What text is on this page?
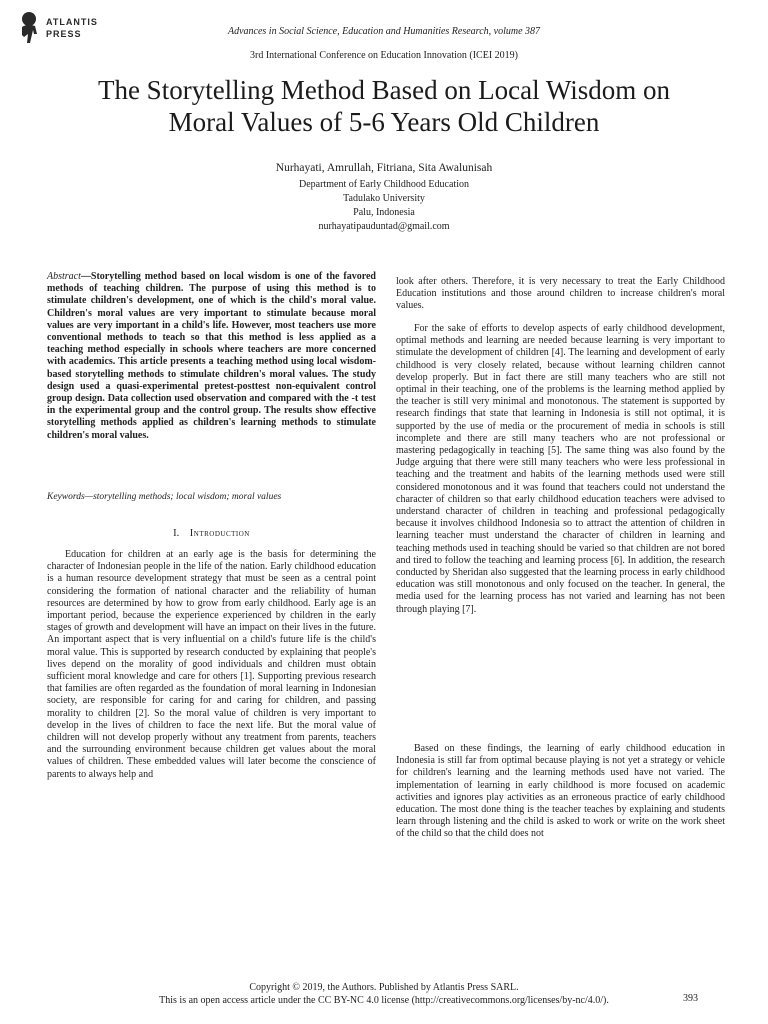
ATLANTIS
PRESS	Advances in Social Science, Education and Humanities Research, volume 387
3rd International Conference on Education Innovation (ICEI 2019)
The Storytelling Method Based on Local Wisdom on
Moral Values of 5-6 Years Old Children
Nurhayati, Amrullah, Fitriana, Sita Awalunisah
Department of Early Childhood Education
Tadulako University
Palu, Indonesia
nurhayatipauduntad@gmail.com

Abstract—Storytelling method based on local wisdom is one of the favored methods of teaching children. The purpose of using this method is to stimulate children's development, one of which is the child's moral value. Children's moral values are very important to stimulate because moral values are very important in a child's life. However, most teachers use more conventional methods to teach so that this method is less applied as a teaching method especially in schools where teachers are more concerned with academics. This article presents a teaching method using local wisdom-based storytelling methods to stimulate children's moral values. The study design used a quasi-experimental pretest-posttest non-equivalent control group design. Data collection used observation and compared with the -t test in the experimental group and the control group. The results show effective storytelling methods applied as children's learning methods to stimulate children's moral values.

Keywords—storytelling methods; local wisdom; moral values
I. Introduction

Education for children at an early age is the basis for determining the character of Indonesian people in the life of the nation. Early childhood education is a human resource development strategy that must be seen as a central point considering the formation of national character and the reliability of human resources are determined by how to grow from early childhood. Early age is an important period, because the experience experienced by children in the early stages of growth and development will have an impact on their lives in the future. An important aspect that is very influential on a child's future life is the child's moral value. This is supported by research conducted by explaining that people's lives depend on the morality of good individuals and children must obtain sufficient moral knowledge and care for others [1]. Supporting previous research that families are often regarded as the foundation of moral learning in Indonesian society, are responsible for caring for and caring for children, and passing morality to children [2]. So the moral value of children is very important to develop in the lives of children to face the next life. But the moral value of children will not develop properly without any treatment from parents, teachers and the surrounding environment because children get values about the moral values of children. These embedded values will later become the conscience of parents to always help and

look after others. Therefore, it is very necessary to treat the Early Childhood Education institutions and those around children to increase children's moral values.

For the sake of efforts to develop aspects of early childhood development, optimal methods and learning are needed because learning is very important to stimulate the development of children [4]. The learning and development of early childhood is very closely related, because without learning children cannot develop properly. But in fact there are still many teachers who are still not optimal in their teaching, one of the problems is the learning method applied by the teacher is still very minimal and monotonous. The statement is supported by research findings that state that learning in Indonesia is still not optimal, it is supported by the use of media or the procurement of media in schools is still incomplete and there are still many teachers who are not professional or mastering pedagogically in teaching [5]. The same thing was also found by the Judge arguing that there were still many teachers who were less professional in teaching and the treatment and habits of the learning methods used were still considered monotonous and it was found that teachers could not understand the character of children so that early childhood education teachers were advised to understand character of children in teaching and professional pedagogically because it involves childhood Indonesia so to attract the attention of children in learning teacher must understand the character of children in learning and teaching methods used in teaching should be varied so that children are not bored and tired to follow the teaching and learning process [6]. In addition, the research conducted by Sheridan also suggested that the learning process in early childhood education was still monotonous and only focused on the teacher. In general, the media used for the learning process has not varied and learning has not been through playing [7].

Based on these findings, the learning of early childhood education in Indonesia is still far from optimal because playing is not yet a strategy or vehicle for children's learning and the learning methods used have not varied. The implementation of learning in early childhood is more focused on academic activities and ignores play activities as an erroneous practice of early childhood education. The most done thing is the teacher teaches by explaining and students learn through listening and the child is asked to work or write on the work sheet of the child so that the child does not

Copyright © 2019, the Authors. Published by Atlantis Press SARL.
This is an open access article under the CC BY-NC 4.0 license (http://creativecommons.org/licenses/by-nc/4.0/).	393
